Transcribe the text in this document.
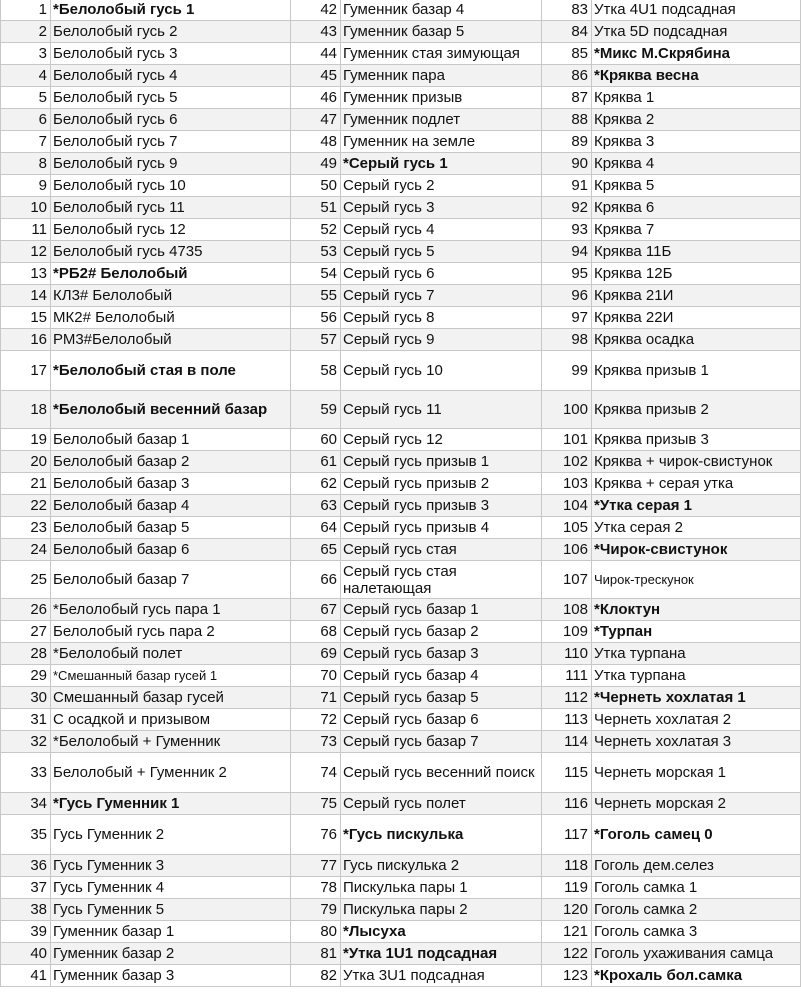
1	*Белолобый гусь 1	42	Гуменник базар 4	83	Утка 4U1 подсадная
2	Белолобый гусь 2	43	Гуменник базар 5	84	Утка 5D подсадная
3	Белолобый гусь 3	44	Гуменник стая зимующая	85	*Микс М.Скрябина
4	Белолобый гусь 4	45	Гуменник пара	86	*Кряква весна
5	Белолобый гусь 5	46	Гуменник призыв	87	Кряква 1
6	Белолобый гусь 6	47	Гуменник подлет	88	Кряква 2
7	Белолобый гусь 7	48	Гуменник на земле	89	Кряква 3
8	Белолобый гусь 9	49	*Серый гусь 1	90	Кряква 4
9	Белолобый гусь 10	50	Серый гусь 2	91	Кряква 5
10	Белолобый гусь 11	51	Серый гусь 3	92	Кряква 6
11	Белолобый гусь 12	52	Серый гусь 4	93	Кряква 7
12	Белолобый гусь 4735	53	Серый гусь 5	94	Кряква 11Б
13	*РБ2# Белолобый	54	Серый гусь 6	95	Кряква 12Б
14	КЛ3# Белолобый	55	Серый гусь 7	96	Кряква 21И
15	МК2# Белолобый	56	Серый гусь 8	97	Кряква 22И
16	РМ3#Белолобый	57	Серый гусь 9	98	Кряква осадка
17	*Белолобый стая в поле	58	Серый гусь 10	99	Кряква призыв 1
18	*Белолобый весенний базар	59	Серый гусь 11	100	Кряква призыв 2
19	Белолобый базар 1	60	Серый гусь 12	101	Кряква призыв 3
20	Белолобый базар 2	61	Серый гусь призыв 1	102	Кряква + чирок-свистунок
21	Белолобый базар 3	62	Серый гусь призыв 2	103	Кряква + серая утка
22	Белолобый базар 4	63	Серый гусь призыв 3	104	*Утка серая 1
23	Белолобый базар 5	64	Серый гусь призыв 4	105	Утка серая 2
24	Белолобый базар 6	65	Серый гусь стая	106	*Чирок-свистунок
25	Белолобый базар 7	66	Серый гусь стая налетающая	107	Чирок-трескунок
26	*Белолобый гусь пара 1	67	Серый гусь базар 1	108	*Клоктун
27	Белолобый гусь пара 2	68	Серый гусь базар 2	109	*Турпан
28	*Белолобый полет	69	Серый гусь базар 3	110	Утка турпана
29	*Смешанный базар гусей 1	70	Серый гусь базар 4	111	Утка турпана
30	Смешанный базар гусей	71	Серый гусь базар 5	112	*Чернеть хохлатая 1
31	С осадкой и призывом	72	Серый гусь базар 6	113	Чернеть хохлатая 2
32	*Белолобый + Гуменник	73	Серый гусь базар 7	114	Чернеть хохлатая 3
33	Белолобый + Гуменник 2	74	Серый гусь весенний поиск	115	Чернеть морская 1
34	*Гусь Гуменник 1	75	Серый гусь полет	116	Чернеть морская 2
35	Гусь Гуменник 2	76	*Гусь пискулька	117	*Гоголь самец 0
36	Гусь Гуменник 3	77	Гусь пискулька 2	118	Гоголь дем.селез
37	Гусь Гуменник 4	78	Пискулька пары 1	119	Гоголь самка 1
38	Гусь Гуменник 5	79	Пискулька пары 2	120	Гоголь самка 2
39	Гуменник базар 1	80	*Лысуха	121	Гоголь самка 3
40	Гуменник базар 2	81	*Утка 1U1 подсадная	122	Гоголь ухаживания самца
41	Гуменник базар 3	82	Утка 3U1 подсадная	123	*Крохаль бол.самка
